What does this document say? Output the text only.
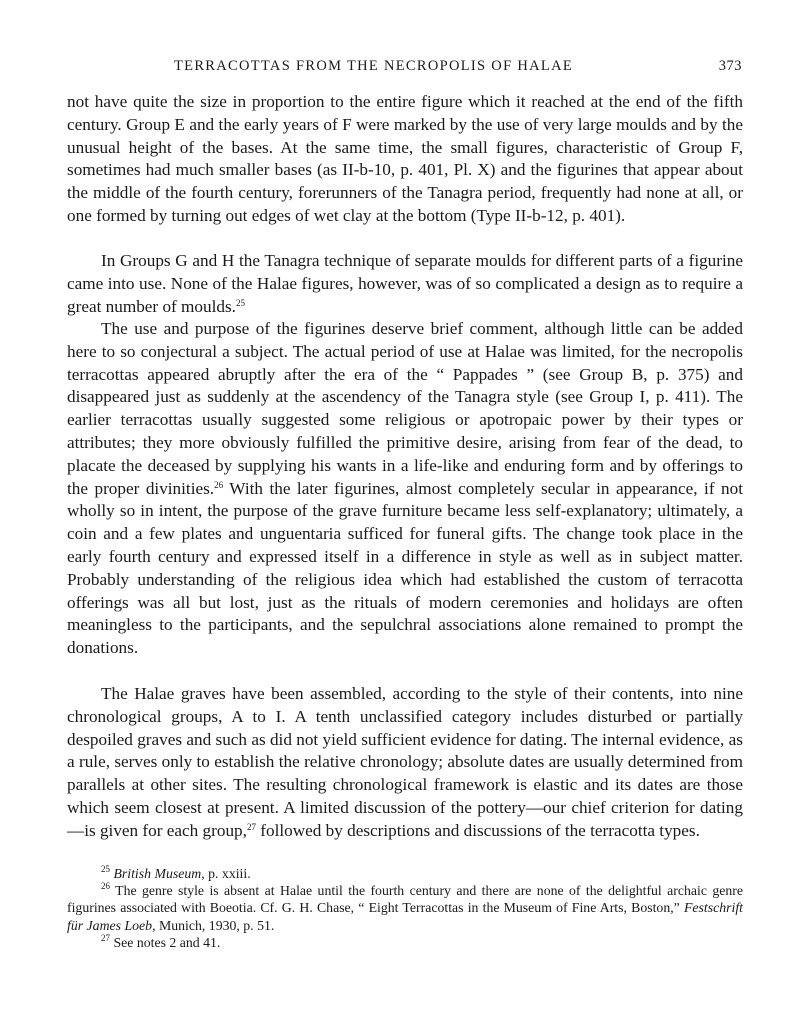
TERRACOTTAS FROM THE NECROPOLIS OF HALAE	373

not have quite the size in proportion to the entire figure which it reached at the end of the fifth century. Group E and the early years of F were marked by the use of very large moulds and by the unusual height of the bases. At the same time, the small figures, characteristic of Group F, sometimes had much smaller bases (as II-b-10, p. 401, Pl. X) and the figurines that appear about the middle of the fourth century, forerunners of the Tanagra period, frequently had none at all, or one formed by turning out edges of wet clay at the bottom (Type II-b-12, p. 401).

In Groups G and H the Tanagra technique of separate moulds for different parts of a figurine came into use. None of the Halae figures, however, was of so complicated a design as to require a great number of moulds.$^{25}$

The use and purpose of the figurines deserve brief comment, although little can be added here to so conjectural a subject. The actual period of use at Halae was limited, for the necropolis terracottas appeared abruptly after the era of the “ Pappades ” (see Group B, p. 375) and disappeared just as suddenly at the ascendency of the Tanagra style (see Group I, p. 411). The earlier terracottas usually suggested some religious or apotropaic power by their types or attributes; they more obviously fulfilled the primitive desire, arising from fear of the dead, to placate the deceased by supplying his wants in a life-like and enduring form and by offerings to the proper divinities.$^{26}$ With the later figurines, almost completely secular in appearance, if not wholly so in intent, the purpose of the grave furniture became less self-explanatory; ultimately, a coin and a few plates and unguentaria sufficed for funeral gifts. The change took place in the early fourth century and expressed itself in a difference in style as well as in subject matter. Probably understanding of the religious idea which had established the custom of terracotta offerings was all but lost, just as the rituals of modern ceremonies and holidays are often meaningless to the participants, and the sepulchral associations alone remained to prompt the donations.

The Halae graves have been assembled, according to the style of their contents, into nine chronological groups, A to I. A tenth unclassified category includes disturbed or partially despoiled graves and such as did not yield sufficient evidence for dating. The internal evidence, as a rule, serves only to establish the relative chronology; absolute dates are usually determined from parallels at other sites. The resulting chronological framework is elastic and its dates are those which seem closest at present. A limited discussion of the pottery—our chief criterion for dating—is given for each group,$^{27}$ followed by descriptions and discussions of the terracotta types.

$^{25}$ British Museum, p. xxiii.

$^{26}$ The genre style is absent at Halae until the fourth century and there are none of the delightful archaic genre figurines associated with Boeotia. Cf. G. H. Chase, “ Eight Terracottas in the Museum of Fine Arts, Boston,” Festschrift für James Loeb, Munich, 1930, p. 51.

$^{27}$ See notes 2 and 41.
